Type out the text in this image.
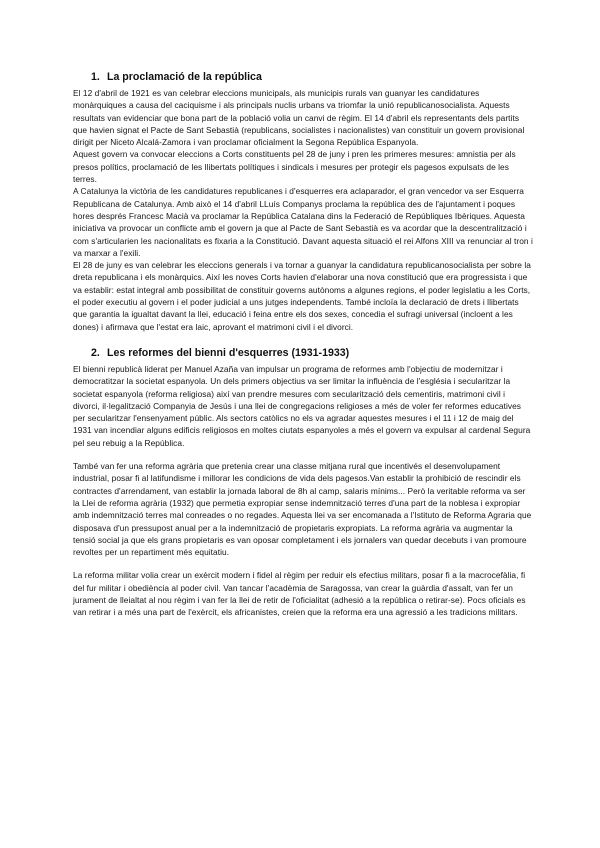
1. La proclamació de la república

El 12 d'abril de 1921 es van celebrar eleccions municipals, als municipis rurals van guanyar les candidatures monàrquiques a causa del caciquisme i als principals nuclis urbans va triomfar la unió republicanosocialista. Aquests resultats van evidenciar que bona part de la població volia un canvi de règim. El 14 d'abril els representants dels partits que havien signat el Pacte de Sant Sebastià (republicans, socialistes i nacionalistes) van constituir un govern provisional dirigit per Niceto Alcalá-Zamora i van proclamar oficialment la Segona República Espanyola.

Aquest govern va convocar eleccions a Corts constituents pel 28 de juny i pren les primeres mesures: amnistia per als presos polítics, proclamació de les llibertats polítiques i sindicals i mesures per protegir els pagesos expulsats de les terres.

A Catalunya la victòria de les candidatures republicanes i d'esquerres era aclaparador, el gran vencedor va ser Esquerra Republicana de Catalunya. Amb això el 14 d'abril LLuís Companys proclama la república des de l'ajuntament i poques hores després Francesc Macià va proclamar la República Catalana dins la Federació de Repúbliques Ibèriques. Aquesta iniciativa va provocar un conflicte amb el govern ja que al Pacte de Sant Sebastià es va acordar que la descentralització i com s'articularien les nacionalitats es fixaria a la Constitució. Davant aquesta situació el rei Alfons XIII va renunciar al tron i va marxar a l'exili.

El 28 de juny es van celebrar les eleccions generals i va tornar a guanyar la candidatura republicanosocialista per sobre la dreta republicana i els monàrquics. Així les noves Corts havien d'elaborar una nova constitució que era progressista i que va establir: estat integral amb possibilitat de constituir governs autònoms a algunes regions, el poder legislatiu a les Corts, el poder executiu al govern i el poder judicial a uns jutges independents. També incloïa la declaració de drets i llibertats que garantia la igualtat davant la llei, educació i feina entre els dos sexes, concedia el sufragi universal (incloent a les dones) i afirmava que l'estat era laic, aprovant el matrimoni civil i el divorci.

2. Les reformes del bienni d'esquerres (1931-1933)

El bienni republicà liderat per Manuel Azaña van impulsar un programa de reformes amb l'objectiu de modernitzar i democratitzar la societat espanyola. Un dels primers objectius va ser limitar la influència de l'església i secularitzar la societat espanyola (reforma religiosa) així van prendre mesures com secularització dels cementiris, matrimoni civil i divorci, il·legalització Companyia de Jesús i una llei de congregacions religioses a més de voler fer reformes educatives per secularitzar l'ensenyament públic. Als sectors catòlics no els va agradar aquestes mesures i el 11 i 12 de maig del 1931 van incendiar alguns edificis religiosos en moltes ciutats espanyoles a més el govern va expulsar al cardenal Segura pel seu rebuig a la República.

També van fer una reforma agrària que pretenia crear una classe mitjana rural que incentivés el desenvolupament industrial, posar fi al latifundisme i millorar les condicions de vida dels pagesos.Van establir la prohibició de rescindir els contractes d'arrendament, van establir la jornada laboral de 8h al camp, salaris mínims... Però la veritable reforma va ser la Llei de reforma agrària (1932) que permetia expropiar sense indemnització terres d'una part de la noblesa i expropiar amb indemnització terres mal conreades o no regades. Aquesta llei va ser encomanada a l'Istituto de Reforma Agraria que disposava d'un pressupost anual per a la indemnització de propietaris expropiats. La reforma agrària va augmentar la tensió social ja que els grans propietaris es van oposar completament i els jornalers van quedar decebuts i van promoure revoltes per un repartiment més equitatiu.

La reforma militar volia crear un exèrcit modern i fidel al règim per reduir els efectius militars, posar fi a la macrocefàlia, fi del fur militar i obediència al poder civil. Van tancar l'acadèmia de Saragossa, van crear la guàrdia d'assalt, van fer un jurament de lleialtat al nou règim i van fer la llei de retir de l'oficialitat (adhesió a la república o retirar-se). Pocs oficials es van retirar i a més una part de l'exèrcit, els africanistes, creien que la reforma era una agressió a les tradicions militars.
